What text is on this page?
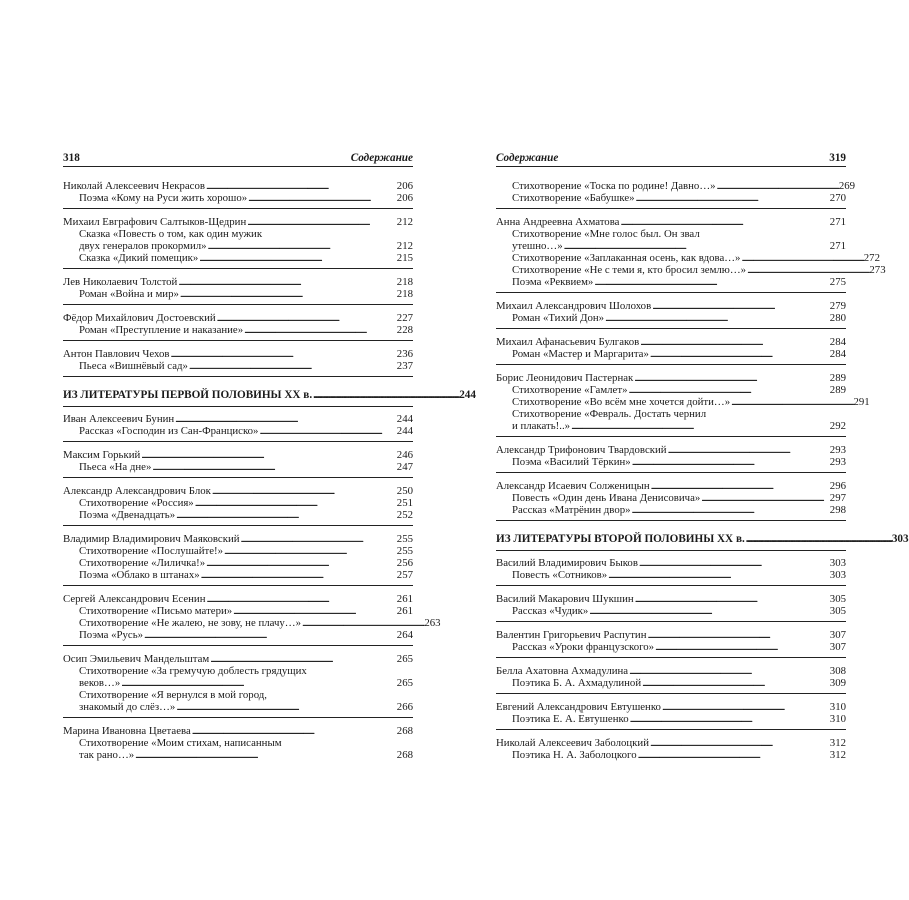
318	Содержание
Николай Алексеевич Некрасов . . .	206
Поэма «Кому на Руси жить хорошо» . . .	206
Михаил Евграфович Салтыков-Щедрин . . .	212
Сказка «Повесть о том, как один мужик
двух генералов прокормил» . . .	212
Сказка «Дикий помещик» . . .	215
Лев Николаевич Толстой . . .	218
Роман «Война и мир» . . .	218
Фёдор Михайлович Достоевский . . .	227
Роман «Преступление и наказание» . . .	228
Антон Павлович Чехов . . .	236
Пьеса «Вишнёвый сад» . . .	237
ИЗ ЛИТЕРАТУРЫ ПЕРВОЙ ПОЛОВИНЫ XX в. . . .	244
Иван Алексеевич Бунин . . .	244
Рассказ «Господин из Сан-Франциско» . . .	244
Максим Горький . . .	246
Пьеса «На дне» . . .	247
Александр Александрович Блок . . .	250
Стихотворение «Россия» . . .	251
Поэма «Двенадцать» . . .	252
Владимир Владимирович Маяковский . . .	255
Стихотворение «Послушайте!» . . .	255
Стихотворение «Лиличка!» . . .	256
Поэма «Облако в штанах» . . .	257
Сергей Александрович Есенин . . .	261
Стихотворение «Письмо матери» . . .	261
Стихотворение «Не жалею, не зову, не плачу…» . . .	263
Поэма «Русь» . . .	264
Осип Эмильевич Мандельштам . . .	265
Стихотворение «За гремучую доблесть грядущих
веков…» . . .	265
Стихотворение «Я вернулся в мой город,
знакомый до слёз…» . . .	266
Марина Ивановна Цветаева . . .	268
Стихотворение «Моим стихам, написанным
так рано…» . . .	268
Содержание	319
Стихотворение «Тоска по родине! Давно…» . . .	269
Стихотворение «Бабушке» . . .	270
Анна Андреевна Ахматова . . .	271
Стихотворение «Мне голос был. Он звал
утешно…» . . .	271
Стихотворение «Заплаканная осень, как вдова…» . . .	272
Стихотворение «Не с теми я, кто бросил землю…» . . .	273
Поэма «Реквием» . . .	275
Михаил Александрович Шолохов . . .	279
Роман «Тихий Дон» . . .	280
Михаил Афанасьевич Булгаков . . .	284
Роман «Мастер и Маргарита» . . .	284
Борис Леонидович Пастернак . . .	289
Стихотворение «Гамлет» . . .	289
Стихотворение «Во всём мне хочется дойти…» . . .	291
Стихотворение «Февраль. Достать чернил
и плакать!..» . . .	292
Александр Трифонович Твардовский . . .	293
Поэма «Василий Тёркин» . . .	293
Александр Исаевич Солженицын . . .	296
Повесть «Один день Ивана Денисовича» . . .	297
Рассказ «Матрёнин двор» . . .	298
ИЗ ЛИТЕРАТУРЫ ВТОРОЙ ПОЛОВИНЫ XX в. . . .	303
Василий Владимирович Быков . . .	303
Повесть «Сотников» . . .	303
Василий Макарович Шукшин . . .	305
Рассказ «Чудик» . . .	305
Валентин Григорьевич Распутин . . .	307
Рассказ «Уроки французского» . . .	307
Белла Ахатовна Ахмадулина . . .	308
Поэтика Б. А. Ахмадулиной . . .	309
Евгений Александрович Евтушенко . . .	310
Поэтика Е. А. Евтушенко . . .	310
Николай Алексеевич Заболоцкий . . .	312
Поэтика Н. А. Заболоцкого . . .	312
